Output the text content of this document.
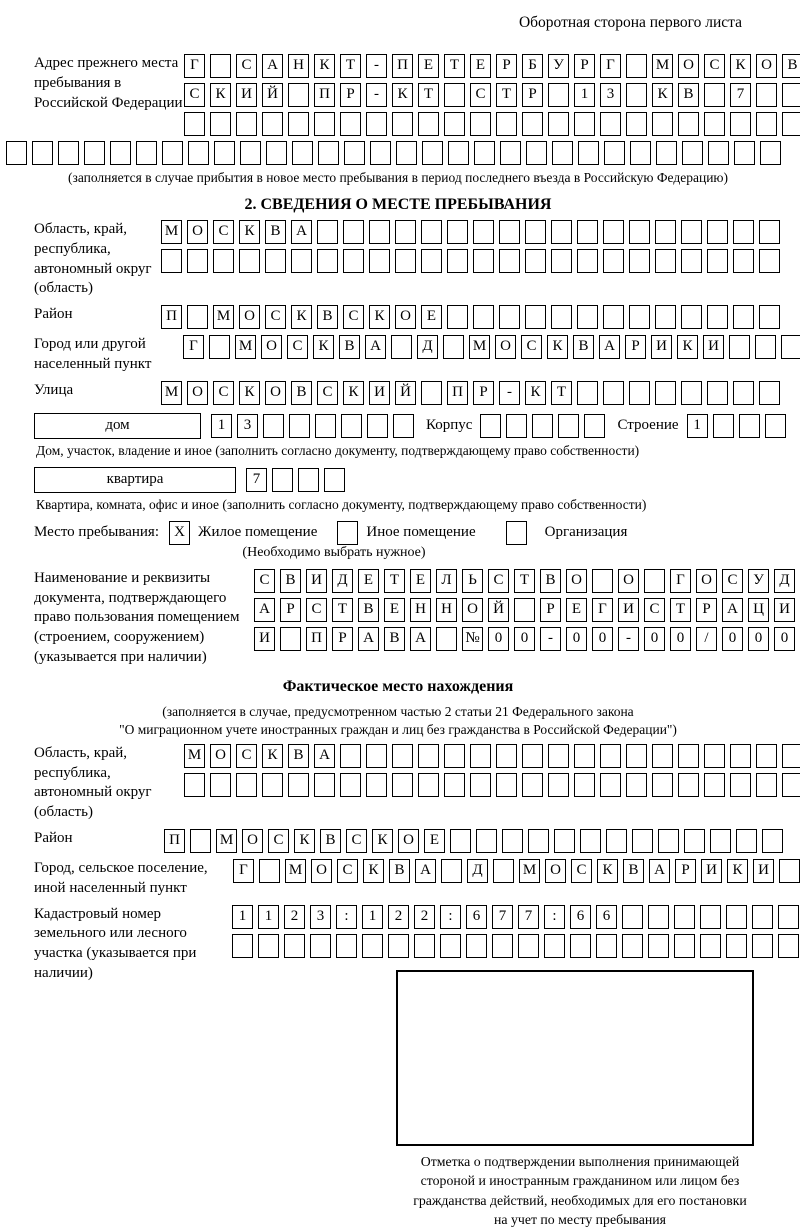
Оборотная сторона первого листа
Адрес прежнего места пребывания в Российской Федерации
Г	С	А	Н	К	Т	-	П	Е	Т	Е	Р	Б	У	Р	Г	М О	С	К	О	В
С	К	И	Й	П	Р	-	К	Т	С	Т	Р	1	3	К	В	7
(заполняется в случае прибытия в новое место пребывания в период последнего въезда в Российскую Федерацию)
2. СВЕДЕНИЯ О МЕСТЕ ПРЕБЫВАНИЯ
Область, край, республика, автономный округ (область)
М О	С	К	В	А
Район	П	М О	С	К	В	С	К	О	Е
Город или другой населенный пункт
Г	М О	С	К	В	А	Д	М О	С	К	В	А	Р	И	К	И
Улица	М О	С	К	О	В	С	К	И	Й	П	Р	-	К	Т
дом	1	3	Корпус	Строение 1
Дом, участок, владение и иное (заполнить согласно документу, подтверждающему право собственности)
квартира	7
Квартира, комната, офис и иное (заполнить согласно документу, подтверждающему право собственности)
Место пребывания:	X Жилое помещение	Иное помещение	Организация
(Необходимо выбрать нужное)
Наименование и реквизиты документа, подтверждающего право пользования помещением (строением, сооружением) (указывается при наличии)
С	В	И	Д	Е	Т	Е	Л	Ь	С	Т	В	О	О	Г	О	С	У	Д
А	Р	С	Т	В	Е	Н	Н	О	Й	Р	Е	Г	И	С	Т	Р	А	Ц	И
И	П	Р	А	В	А	№	0	0	-	0	0	-	0	0	/	0	0	0
Фактическое место нахождения
(заполняется в случае, предусмотренном частью 2 статьи 21 Федерального закона
"О миграционном учете иностранных граждан и лиц без гражданства в Российской Федерации")
Область, край, республика, автономный округ (область)
М О	С	К	В	А
Район	П	М О	С	К	В	С	К	О	Е
Город, сельское поселение, иной населенный пункт
Г	М О	С	К	В	А	Д	М О	С	К	В	А	Р	И	К	И
Кадастровый номер земельного или лесного участка (указывается при наличии)
1	1	2	3	:	1	2	2	:	6	7	7	:	6	6
Отметка о подтверждении выполнения принимающей
стороной и иностранным гражданином или лицом без
гражданства действий, необходимых для его постановки
на учет по месту пребывания
